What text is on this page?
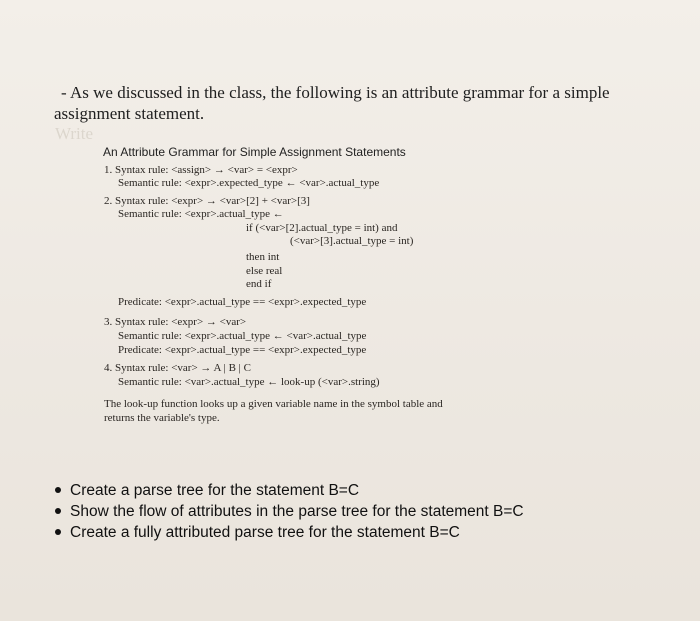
Write
- As we discussed in the class, the following is an attribute grammar for a simple
assignment statement.
An Attribute Grammar for Simple Assignment Statements
1. Syntax rule: <assign> → <var> = <expr>
Semantic rule: <expr>.expected_type ← <var>.actual_type
2. Syntax rule: <expr> → <var>[2] + <var>[3]
Semantic rule: <expr>.actual_type ←
if (<var>[2].actual_type = int) and
(<var>[3].actual_type = int)
then int
else real
end if
Predicate: <expr>.actual_type == <expr>.expected_type
3. Syntax rule: <expr> → <var>
Semantic rule: <expr>.actual_type ← <var>.actual_type
Predicate: <expr>.actual_type == <expr>.expected_type
4. Syntax rule: <var> → A | B | C
Semantic rule: <var>.actual_type ← look-up (<var>.string)
The look-up function looks up a given variable name in the symbol table and
returns the variable's type.
Create a parse tree for the statement B=C
Show the flow of attributes in the parse tree for the statement B=C
Create a fully attributed parse tree for the statement B=C
